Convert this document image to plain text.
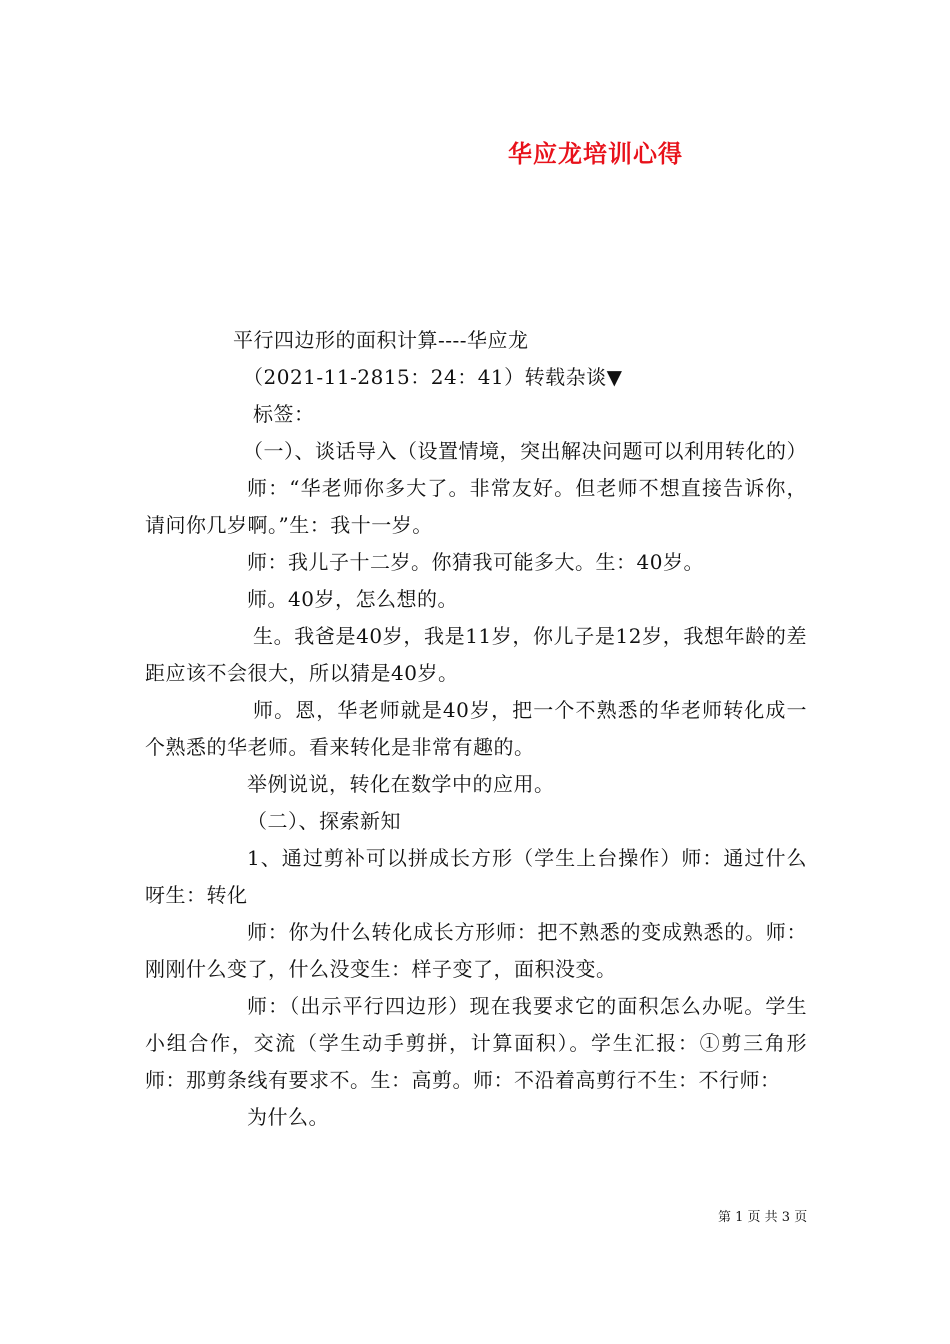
华应龙培训心得

平行四边形的面积计算----华应龙

（2021-11-2815：24：41）转载杂谈▼

标签：

（一）、谈话导入（设置情境，突出解决问题可以利用转化的）

师：“华老师你多大了。非常友好。但老师不想直接告诉你，请问你几岁啊。”生：我十一岁。

师：我儿子十二岁。你猜我可能多大。生：40岁。

师。40岁，怎么想的。

生。我爸是40岁，我是11岁，你儿子是12岁，我想年龄的差距应该不会很大，所以猜是40岁。

师。恩，华老师就是40岁，把一个不熟悉的华老师转化成一个熟悉的华老师。看来转化是非常有趣的。

举例说说，转化在数学中的应用。

（二）、探索新知

1、通过剪补可以拼成长方形（学生上台操作）师：通过什么呀生：转化

师：你为什么转化成长方形师：把不熟悉的变成熟悉的。师：刚刚什么变了，什么没变生：样子变了，面积没变。

师：（出示平行四边形）现在我要求它的面积怎么办呢。学生小组合作，交流（学生动手剪拼，计算面积）。学生汇报：①剪三角形师：那剪条线有要求不。生：高剪。师：不沿着高剪行不生：不行师：

为什么。

第 1 页 共 3 页
